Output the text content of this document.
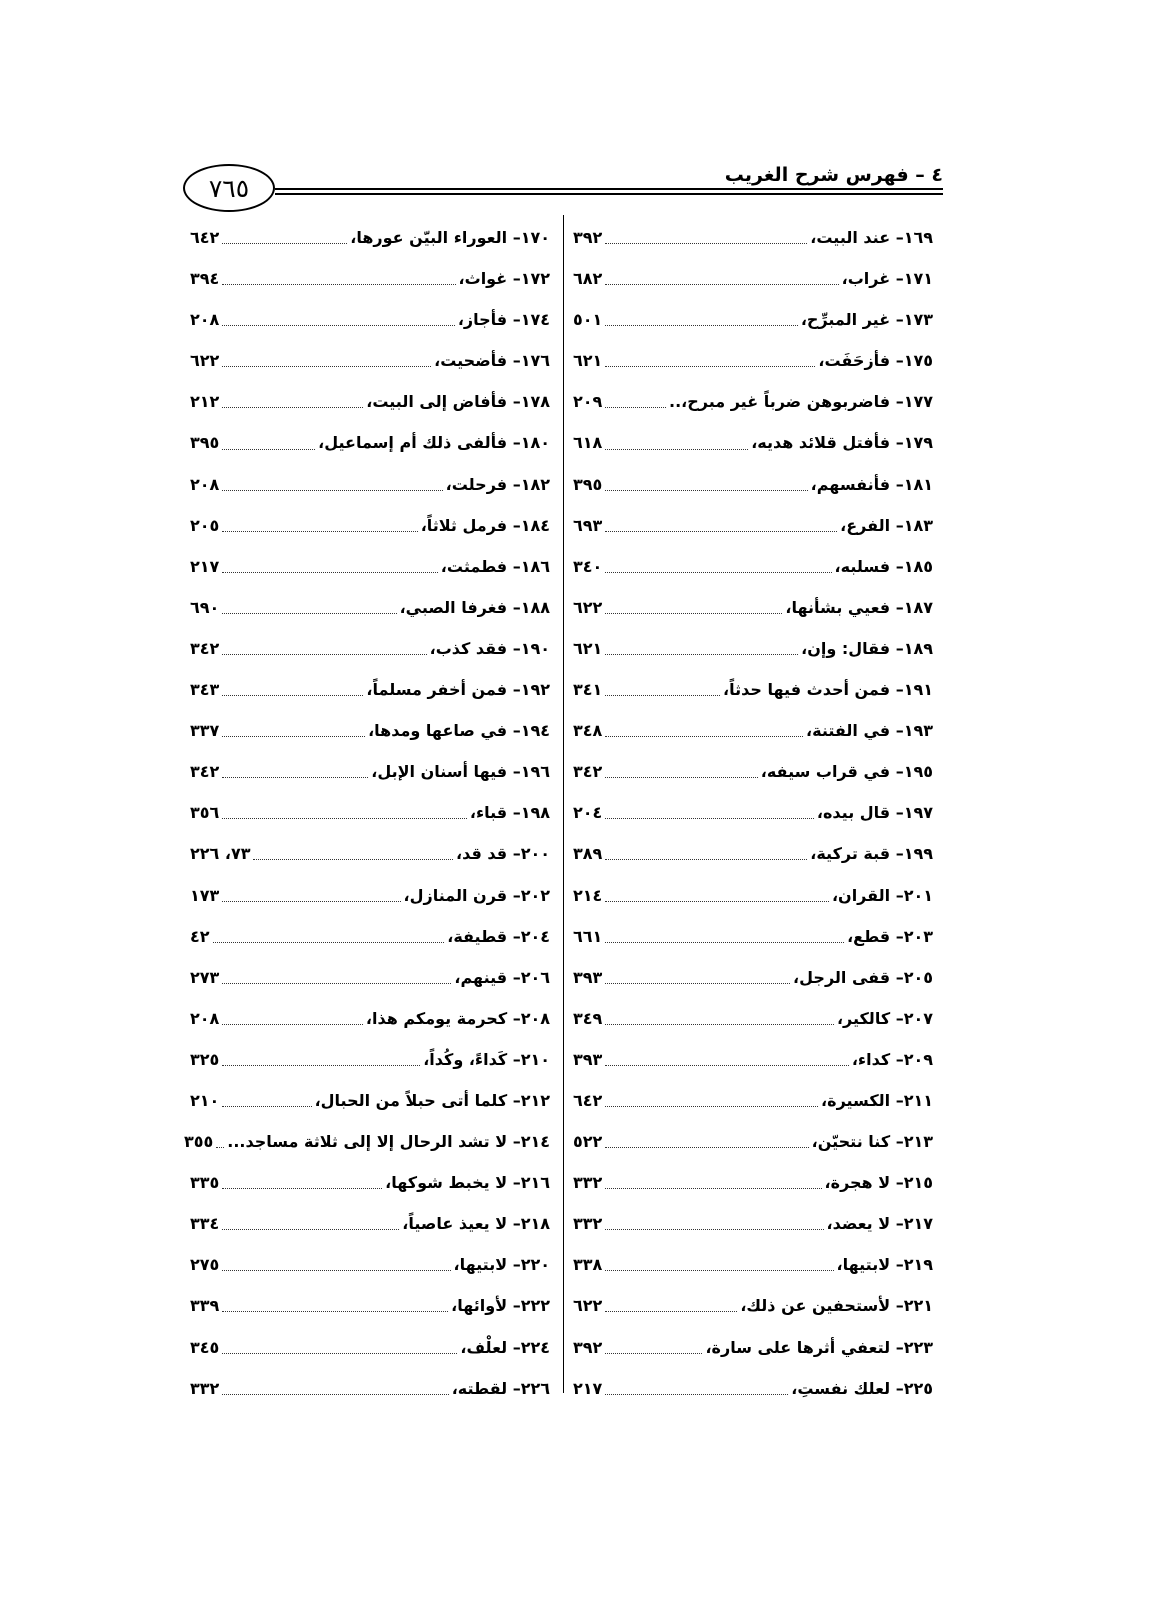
٤ – فهرس شرح الغريب
٧٦٥
١٦٩– عند البيت،
٣٩٢
١٧١– غراب،
٦٨٢
١٧٣– غير المبرِّح،
٥٠١
١٧٥– فأزحَفَت،
٦٢١
١٧٧– فاضربوهن ضرباً غير مبرح،..
٢٠٩
١٧٩– فأفتل قلائد هديه،
٦١٨
١٨١– فأنفسهم،
٣٩٥
١٨٣– الفرع،
٦٩٣
١٨٥– فسلبه،
٣٤٠
١٨٧– فعيي بشأنها،
٦٢٢
١٨٩– فقال: وإن،
٦٢١
١٩١– فمن أحدث فيها حدثاً،
٣٤١
١٩٣– في الفتنة،
٣٤٨
١٩٥– في قراب سيفه،
٣٤٢
١٩٧– قال بيده،
٢٠٤
١٩٩– قبة تركية،
٣٨٩
٢٠١– القران،
٢١٤
٢٠٣– قطع،
٦٦١
٢٠٥– قفى الرجل،
٣٩٣
٢٠٧– كالكير،
٣٤٩
٢٠٩– كداء،
٣٩٣
٢١١– الكسيرة،
٦٤٢
٢١٣– كنا نتحيّن،
٥٢٢
٢١٥– لا هجرة،
٣٣٢
٢١٧– لا يعضد،
٣٣٢
٢١٩– لابتيها،
٣٣٨
٢٢١– لأستحفين عن ذلك،
٦٢٢
٢٢٣– لتعفي أثرها على سارة،
٣٩٢
٢٢٥– لعلك نفستِ،
٢١٧
١٧٠– العوراء البيّن عورها،
٦٤٢
١٧٢– غواث،
٣٩٤
١٧٤– فأجاز،
٢٠٨
١٧٦– فأضحيت،
٦٢٢
١٧٨– فأفاض إلى البيت،
٢١٢
١٨٠– فألفى ذلك أم إسماعيل،
٣٩٥
١٨٢– فرحلت،
٢٠٨
١٨٤– فرمل ثلاثاً،
٢٠٥
١٨٦– فطمثت،
٢١٧
١٨٨– فغرفا الصبي،
٦٩٠
١٩٠– فقد كذب،
٣٤٢
١٩٢– فمن أخفر مسلماً،
٣٤٣
١٩٤– في صاعها ومدها،
٣٣٧
١٩٦– فيها أسنان الإبل،
٣٤٢
١٩٨– قباء،
٣٥٦
٢٠٠– قد قد،
٧٣، ٢٢٦
٢٠٢– قرن المنازل،
١٧٣
٢٠٤– قطيفة،
٤٢
٢٠٦– قينهم،
٢٧٣
٢٠٨– كحرمة يومكم هذا،
٢٠٨
٢١٠– كَداءً، وكُداً،
٣٢٥
٢١٢– كلما أتى حبلاً من الحبال،
٢١٠
٢١٤– لا تشد الرحال إلا إلى ثلاثة مساجد...
٣٥٥
٢١٦– لا يخبط شوكها،
٣٣٥
٢١٨– لا يعيذ عاصياً،
٣٣٤
٢٢٠– لابتيها،
٢٧٥
٢٢٢– لأوائها،
٣٣٩
٢٢٤– لعلْف،
٣٤٥
٢٢٦– لقطته،
٣٣٢
